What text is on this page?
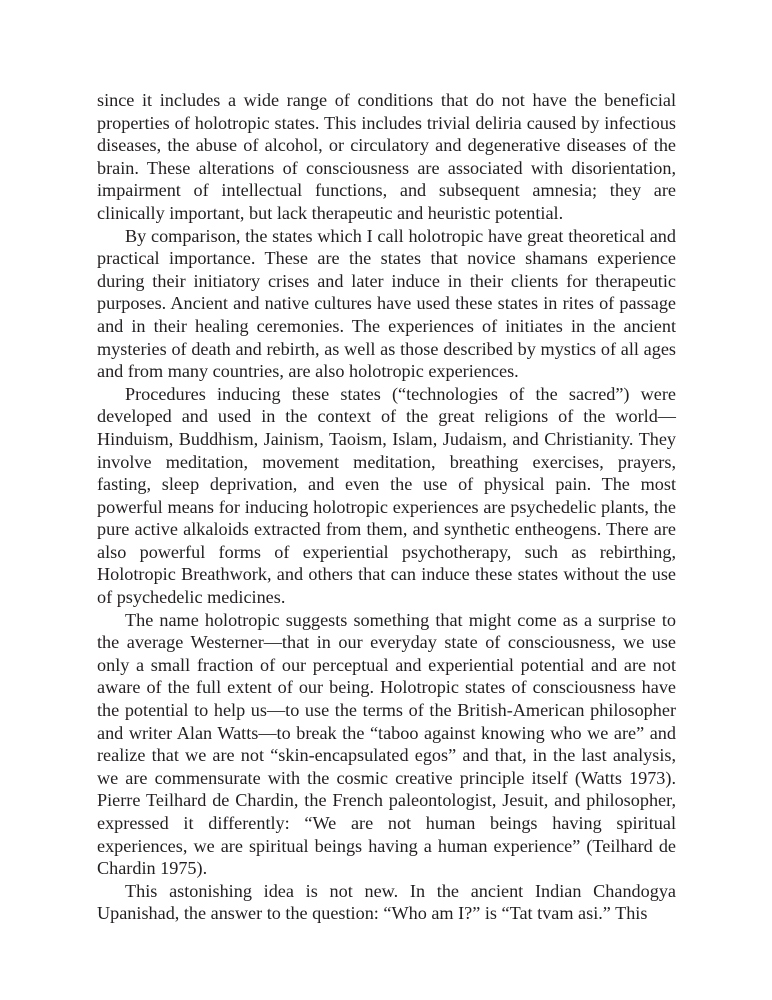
since it includes a wide range of conditions that do not have the beneficial properties of holotropic states. This includes trivial deliria caused by infectious diseases, the abuse of alcohol, or circulatory and degenerative diseases of the brain. These alterations of consciousness are associated with disorientation, impairment of intellectual functions, and subsequent amnesia; they are clinically important, but lack therapeutic and heuristic potential.

By comparison, the states which I call holotropic have great theoretical and practical importance. These are the states that novice shamans experience during their initiatory crises and later induce in their clients for therapeutic purposes. Ancient and native cultures have used these states in rites of passage and in their healing ceremonies. The experiences of initiates in the ancient mysteries of death and rebirth, as well as those described by mystics of all ages and from many countries, are also holotropic experiences.

Procedures inducing these states (“technologies of the sacred”) were developed and used in the context of the great religions of the world—Hinduism, Buddhism, Jainism, Taoism, Islam, Judaism, and Christianity. They involve meditation, movement meditation, breathing exercises, prayers, fasting, sleep deprivation, and even the use of physical pain. The most powerful means for inducing holotropic experiences are psychedelic plants, the pure active alkaloids extracted from them, and synthetic entheogens. There are also powerful forms of experiential psychotherapy, such as rebirthing, Holotropic Breathwork, and others that can induce these states without the use of psychedelic medicines.

The name holotropic suggests something that might come as a surprise to the average Westerner—that in our everyday state of consciousness, we use only a small fraction of our perceptual and experiential potential and are not aware of the full extent of our being. Holotropic states of consciousness have the potential to help us—to use the terms of the British-American philosopher and writer Alan Watts—to break the “taboo against knowing who we are” and realize that we are not “skin-encapsulated egos” and that, in the last analysis, we are commensurate with the cosmic creative principle itself (Watts 1973). Pierre Teilhard de Chardin, the French paleontologist, Jesuit, and philosopher, expressed it differently: “We are not human beings having spiritual experiences, we are spiritual beings having a human experience” (Teilhard de Chardin 1975).

This astonishing idea is not new. In the ancient Indian Chandogya Upanishad, the answer to the question: “Who am I?” is “Tat tvam asi.” This
